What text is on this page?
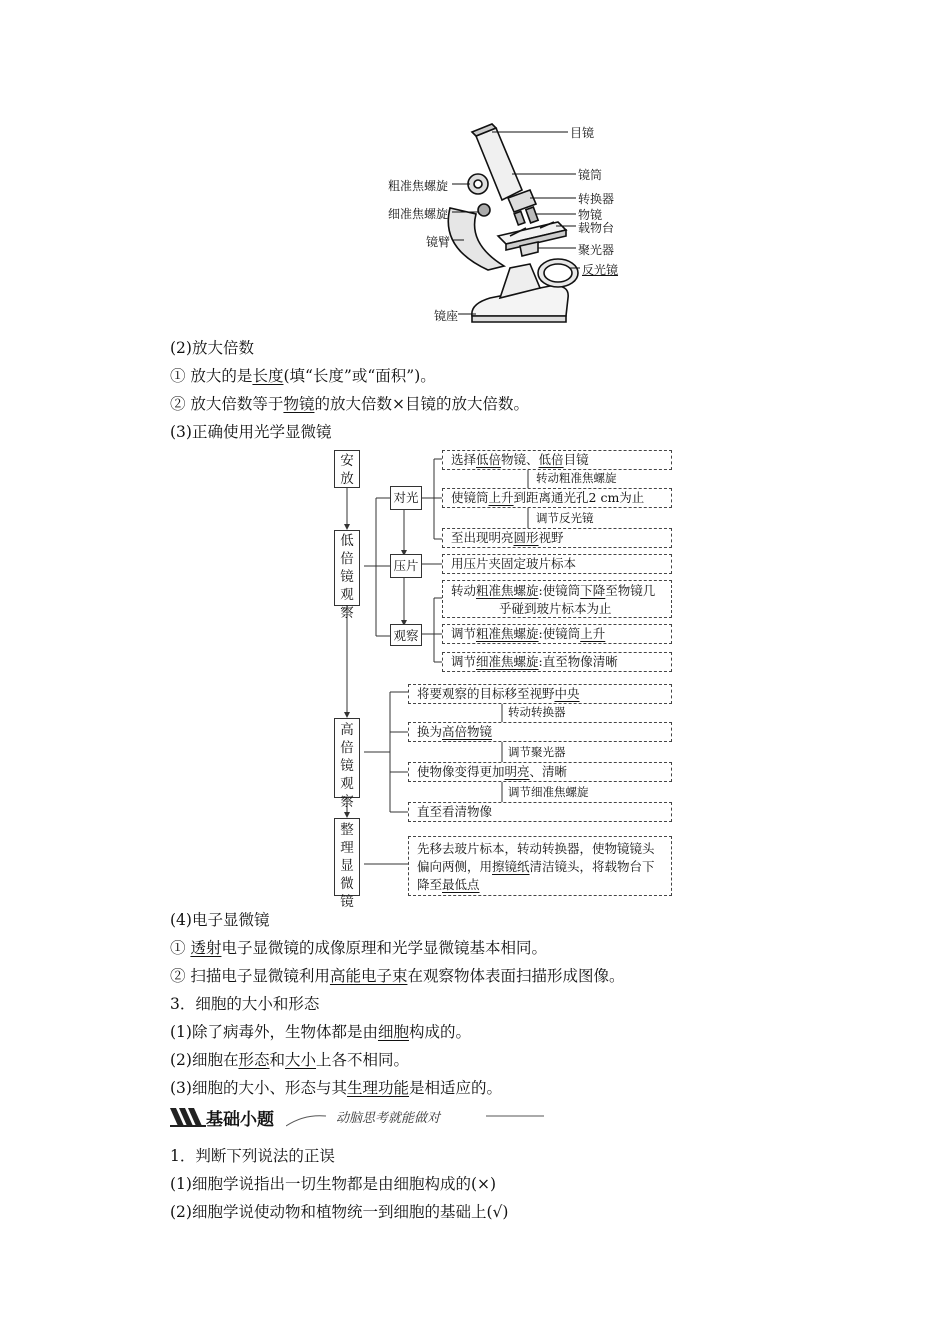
目镜
镜筒
粗准焦螺旋
转换器
细准焦螺旋	物镜
载物台
镜臂
聚光器
反光镜
镜座
(2)放大倍数
① 放大的是长度(填“长度”或“面积”)。
② 放大倍数等于物镜的放大倍数×目镜的放大倍数。
(3)正确使用光学显微镜
安放
低倍镜观察
高倍镜观察
整理显微镜
对光
压片
观察
选择低倍物镜、低倍目镜
转动粗准焦螺旋
使镜筒上升到距离通光孔2 cm为止
调节反光镜
至出现明亮圆形视野
用压片夹固定玻片标本
转动粗准焦螺旋:使镜筒下降至物镜几
乎碰到玻片标本为止
调节粗准焦螺旋:使镜筒上升
调节细准焦螺旋:直至物像清晰
将要观察的目标移至视野中央
转动转换器
换为高倍物镜
调节聚光器
使物像变得更加明亮、清晰
调节细准焦螺旋
直至看清物像
先移去玻片标本，转动转换器，使物镜镜头
偏向两侧，用擦镜纸清洁镜头，将载物台下
降至最低点
(4)电子显微镜
① 透射电子显微镜的成像原理和光学显微镜基本相同。
② 扫描电子显微镜利用高能电子束在观察物体表面扫描形成图像。
3．细胞的大小和形态
(1)除了病毒外，生物体都是由细胞构成的。
(2)细胞在形态和大小上各不相同。
(3)细胞的大小、形态与其生理功能是相适应的。
基础小题	动脑思考就能做对
1．判断下列说法的正误
(1)细胞学说指出一切生物都是由细胞构成的(×)
(2)细胞学说使动物和植物统一到细胞的基础上(√)
